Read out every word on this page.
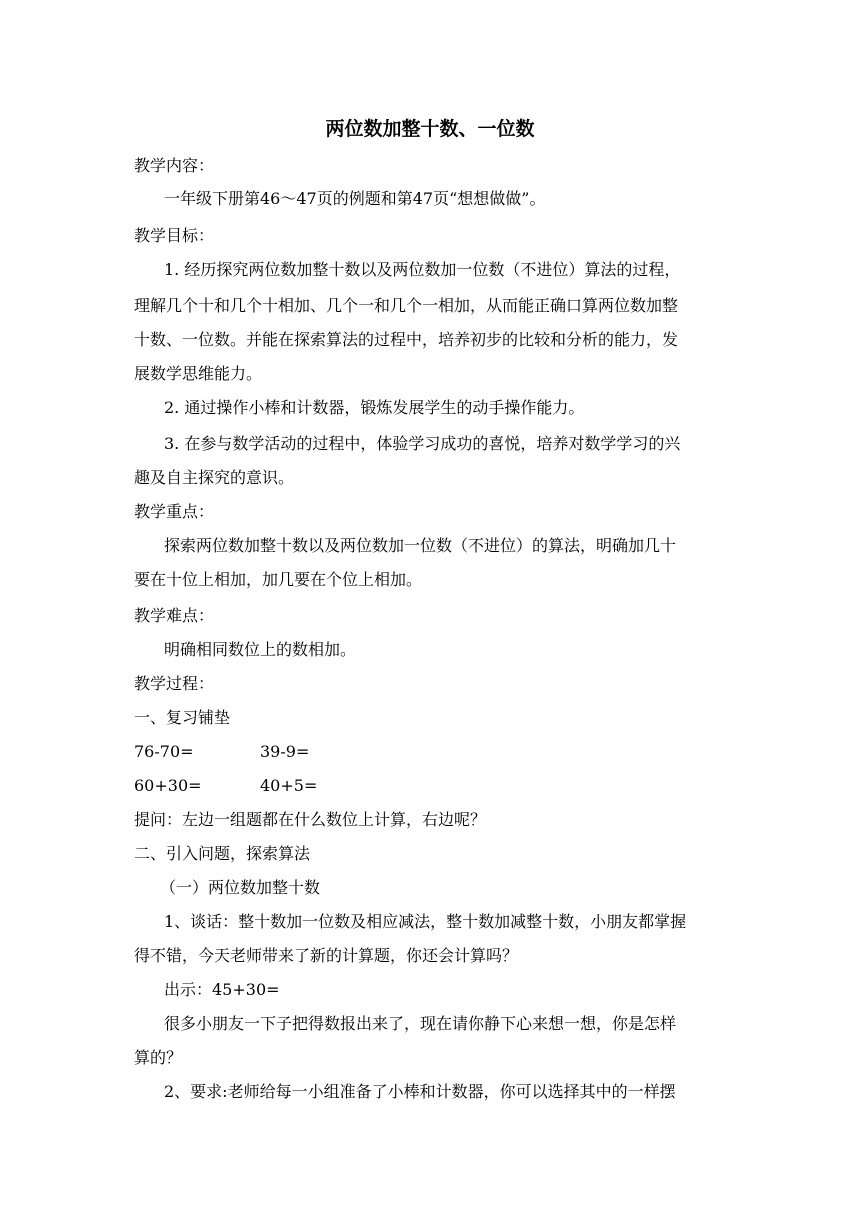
两位数加整十数、一位数

教学内容：

一年级下册第46～47页的例题和第47页“想想做做”。

教学目标：

1. 经历探究两位数加整十数以及两位数加一位数（不进位）算法的过程，

理解几个十和几个十相加、几个一和几个一相加，从而能正确口算两位数加整

十数、一位数。并能在探索算法的过程中，培养初步的比较和分析的能力，发

展数学思维能力。

2. 通过操作小棒和计数器，锻炼发展学生的动手操作能力。

3. 在参与数学活动的过程中，体验学习成功的喜悦，培养对数学学习的兴

趣及自主探究的意识。

教学重点：

探索两位数加整十数以及两位数加一位数（不进位）的算法，明确加几十

要在十位上相加，加几要在个位上相加。

教学难点：

明确相同数位上的数相加。

教学过程：

一、复习铺垫

76-70=	39-9=

60+30=	40+5=

提问：左边一组题都在什么数位上计算，右边呢？

二、引入问题，探索算法

（一）两位数加整十数

1、谈话：整十数加一位数及相应减法，整十数加减整十数，小朋友都掌握

得不错，今天老师带来了新的计算题，你还会计算吗？

出示：45+30=

很多小朋友一下子把得数报出来了，现在请你静下心来想一想，你是怎样

算的？

2、要求:老师给每一小组准备了小棒和计数器，你可以选择其中的一样摆
